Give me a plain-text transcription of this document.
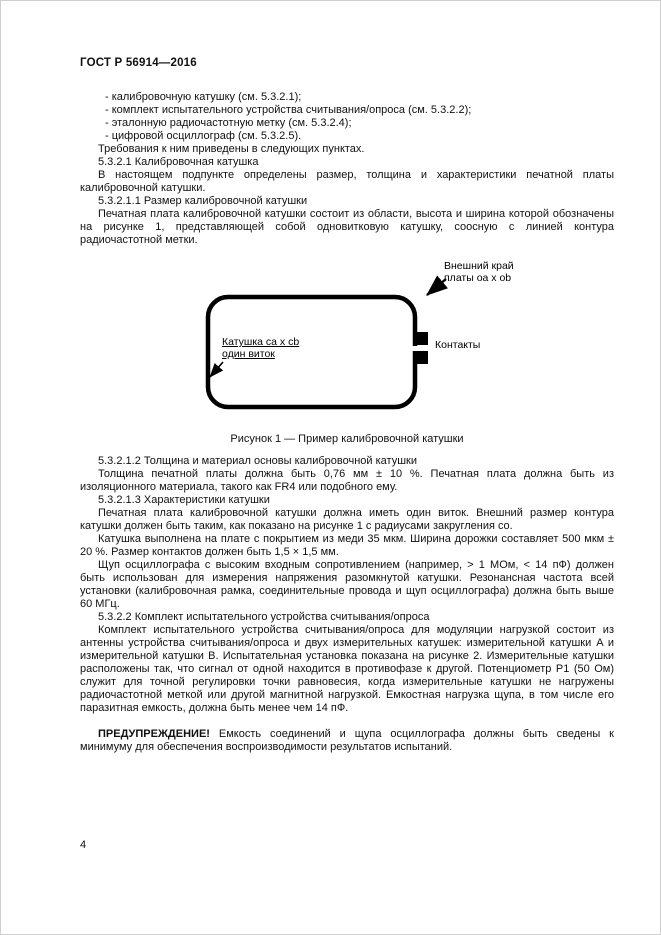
ГОСТ Р 56914—2016

- калибровочную катушку (см. 5.3.2.1);

- комплект испытательного устройства считывания/опроса (см. 5.3.2.2);

- эталонную радиочастотную метку (см. 5.3.2.4);

- цифровой осциллограф (см. 5.3.2.5).

Требования к ним приведены в следующих пунктах.

5.3.2.1 Калибровочная катушка

В настоящем подпункте определены размер, толщина и характеристики печатной платы калибровочной катушки.

5.3.2.1.1 Размер калибровочной катушки

Печатная плата калибровочной катушки состоит из области, высота и ширина которой обозначены на рисунке 1, представляющей собой одновитковую катушку, соосную с линией контура радиочастотной метки.

Внешний край
платы oa x ob
Катушка ca x cb
один виток
Контакты

Рисунок 1 — Пример калибровочной катушки

5.3.2.1.2 Толщина и материал основы калибровочной катушки

Толщина печатной платы должна быть 0,76 мм ± 10 %. Печатная плата должна быть из изоляционного материала, такого как FR4 или подобного ему.

5.3.2.1.3 Характеристики катушки

Печатная плата калибровочной катушки должна иметь один виток. Внешний размер контура катушки должен быть таким, как показано на рисунке 1 с радиусами закругления co.

Катушка выполнена на плате с покрытием из меди 35 мкм. Ширина дорожки составляет 500 мкм ± 20 %. Размер контактов должен быть 1,5 × 1,5 мм.

Щуп осциллографа с высоким входным сопротивлением (например, > 1 МОм, < 14 пФ) должен быть использован для измерения напряжения разомкнутой катушки. Резонансная частота всей установки (калибровочная рамка, соединительные провода и щуп осциллографа) должна быть выше 60 МГц.

5.3.2.2 Комплект испытательного устройства считывания/опроса

Комплект испытательного устройства считывания/опроса для модуляции нагрузкой состоит из антенны устройства считывания/опроса и двух измерительных катушек: измерительной катушки A и измерительной катушки B. Испытательная установка показана на рисунке 2. Измерительные катушки расположены так, что сигнал от одной находится в противофазе к другой. Потенциометр P1 (50 Ом) служит для точной регулировки точки равновесия, когда измерительные катушки не нагружены радиочастотной меткой или другой магнитной нагрузкой. Емкостная нагрузка щупа, в том числе его паразитная емкость, должна быть менее чем 14 пФ.

ПРЕДУПРЕЖДЕНИЕ! Емкость соединений и щупа осциллографа должны быть сведены к минимуму для обеспечения воспроизводимости результатов испытаний.

4
